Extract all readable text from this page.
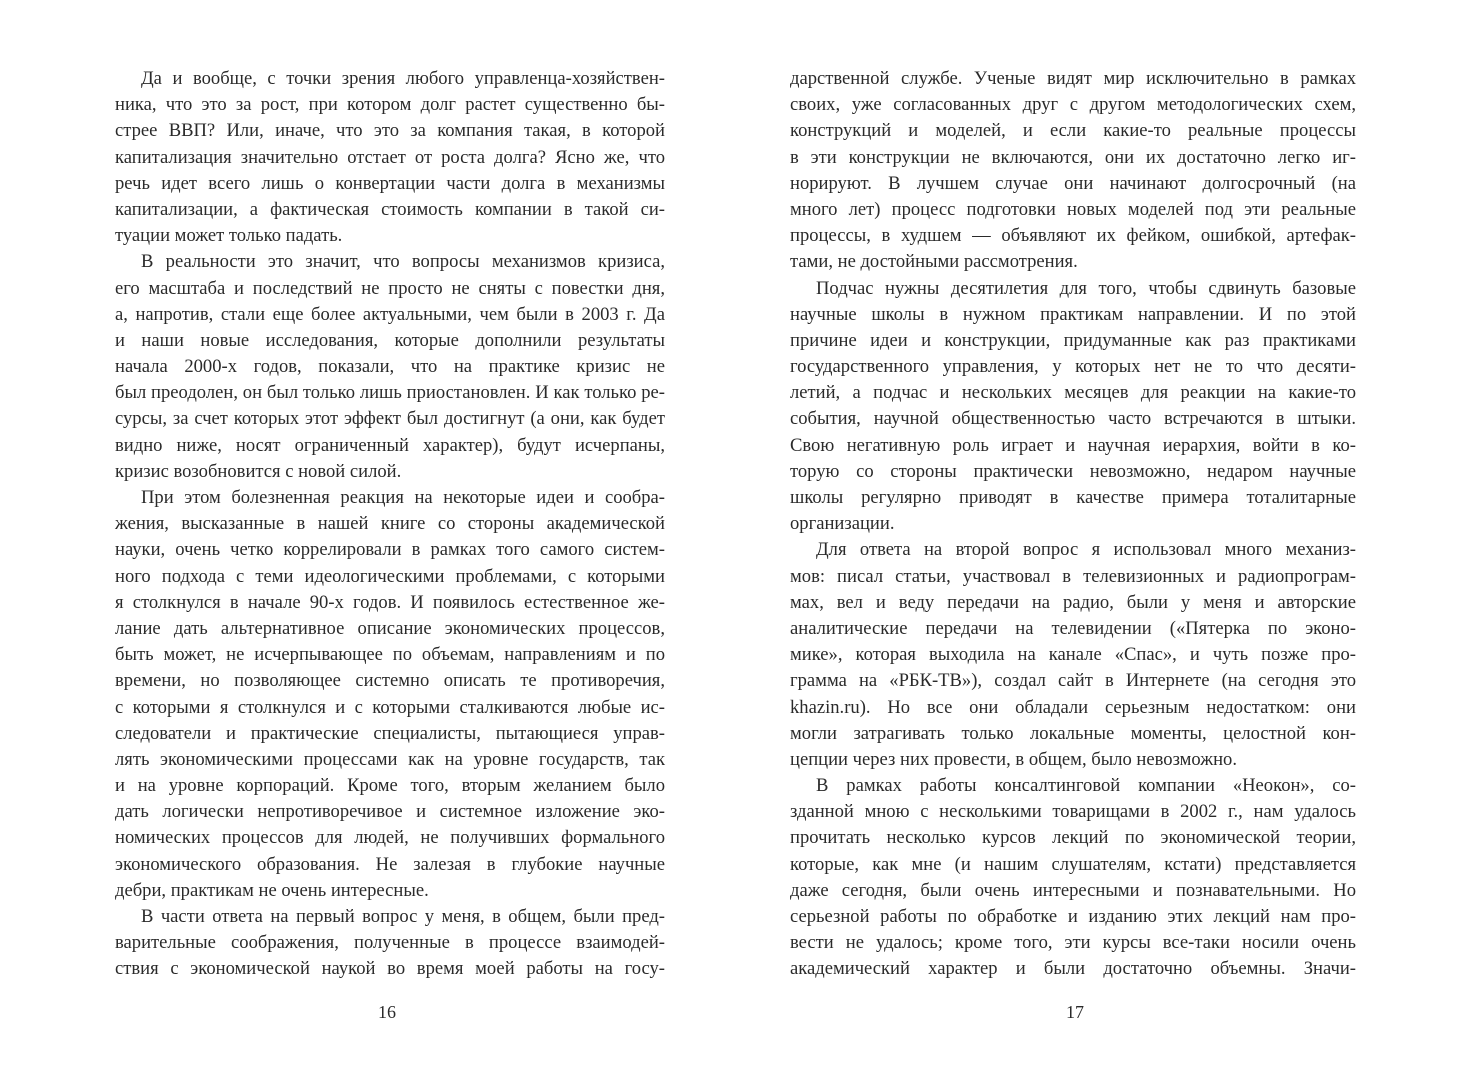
Да и вообще, с точки зрения любого управленца-хозяйствен-
ника, что это за рост, при котором долг растет существенно бы-
стрее ВВП? Или, иначе, что это за компания такая, в которой
капитализация значительно отстает от роста долга? Ясно же, что
речь идет всего лишь о конвертации части долга в механизмы
капитализации, а фактическая стоимость компании в такой си-
туации может только падать.
В реальности это значит, что вопросы механизмов кризиса,
его масштаба и последствий не просто не сняты с повестки дня,
а, напротив, стали еще более актуальными, чем были в 2003 г. Да
и наши новые исследования, которые дополнили результаты
начала 2000-х годов, показали, что на практике кризис не
был преодолен, он был только лишь приостановлен. И как только ре-
сурсы, за счет которых этот эффект был достигнут (а они, как будет
видно ниже, носят ограниченный характер), будут исчерпаны,
кризис возобновится с новой силой.
При этом болезненная реакция на некоторые идеи и сообра-
жения, высказанные в нашей книге со стороны академической
науки, очень четко коррелировали в рамках того самого систем-
ного подхода с теми идеологическими проблемами, с которыми
я столкнулся в начале 90-х годов. И появилось естественное же-
лание дать альтернативное описание экономических процессов,
быть может, не исчерпывающее по объемам, направлениям и по
времени, но позволяющее системно описать те противоречия,
с которыми я столкнулся и с которыми сталкиваются любые ис-
следователи и практические специалисты, пытающиеся управ-
лять экономическими процессами как на уровне государств, так
и на уровне корпораций. Кроме того, вторым желанием было
дать логически непротиворечивое и системное изложение эко-
номических процессов для людей, не получивших формального
экономического образования. Не залезая в глубокие научные
дебри, практикам не очень интересные.
В части ответа на первый вопрос у меня, в общем, были пред-
варительные соображения, полученные в процессе взаимодей-
ствия с экономической наукой во время моей работы на госу-
дарственной службе. Ученые видят мир исключительно в рамках
своих, уже согласованных друг с другом методологических схем,
конструкций и моделей, и если какие-то реальные процессы
в эти конструкции не включаются, они их достаточно легко иг-
норируют. В лучшем случае они начинают долгосрочный (на
много лет) процесс подготовки новых моделей под эти реальные
процессы, в худшем — объявляют их фейком, ошибкой, артефак-
тами, не достойными рассмотрения.
Подчас нужны десятилетия для того, чтобы сдвинуть базовые
научные школы в нужном практикам направлении. И по этой
причине идеи и конструкции, придуманные как раз практиками
государственного управления, у которых нет не то что десяти-
летий, а подчас и нескольких месяцев для реакции на какие-то
события, научной общественностью часто встречаются в штыки.
Свою негативную роль играет и научная иерархия, войти в ко-
торую со стороны практически невозможно, недаром научные
школы регулярно приводят в качестве примера тоталитарные
организации.
Для ответа на второй вопрос я использовал много механиз-
мов: писал статьи, участвовал в телевизионных и радиопрограм-
мах, вел и веду передачи на радио, были у меня и авторские
аналитические передачи на телевидении («Пятерка по эконо-
мике», которая выходила на канале «Спас», и чуть позже про-
грамма на «РБК-ТВ»), создал сайт в Интернете (на сегодня это
khazin.ru). Но все они обладали серьезным недостатком: они
могли затрагивать только локальные моменты, целостной кон-
цепции через них провести, в общем, было невозможно.
В рамках работы консалтинговой компании «Неокон», со-
зданной мною с несколькими товарищами в 2002 г., нам удалось
прочитать несколько курсов лекций по экономической теории,
которые, как мне (и нашим слушателям, кстати) представляется
даже сегодня, были очень интересными и познавательными. Но
серьезной работы по обработке и изданию этих лекций нам про-
вести не удалось; кроме того, эти курсы все-таки носили очень
академический характер и были достаточно объемны. Значи-
16	17
